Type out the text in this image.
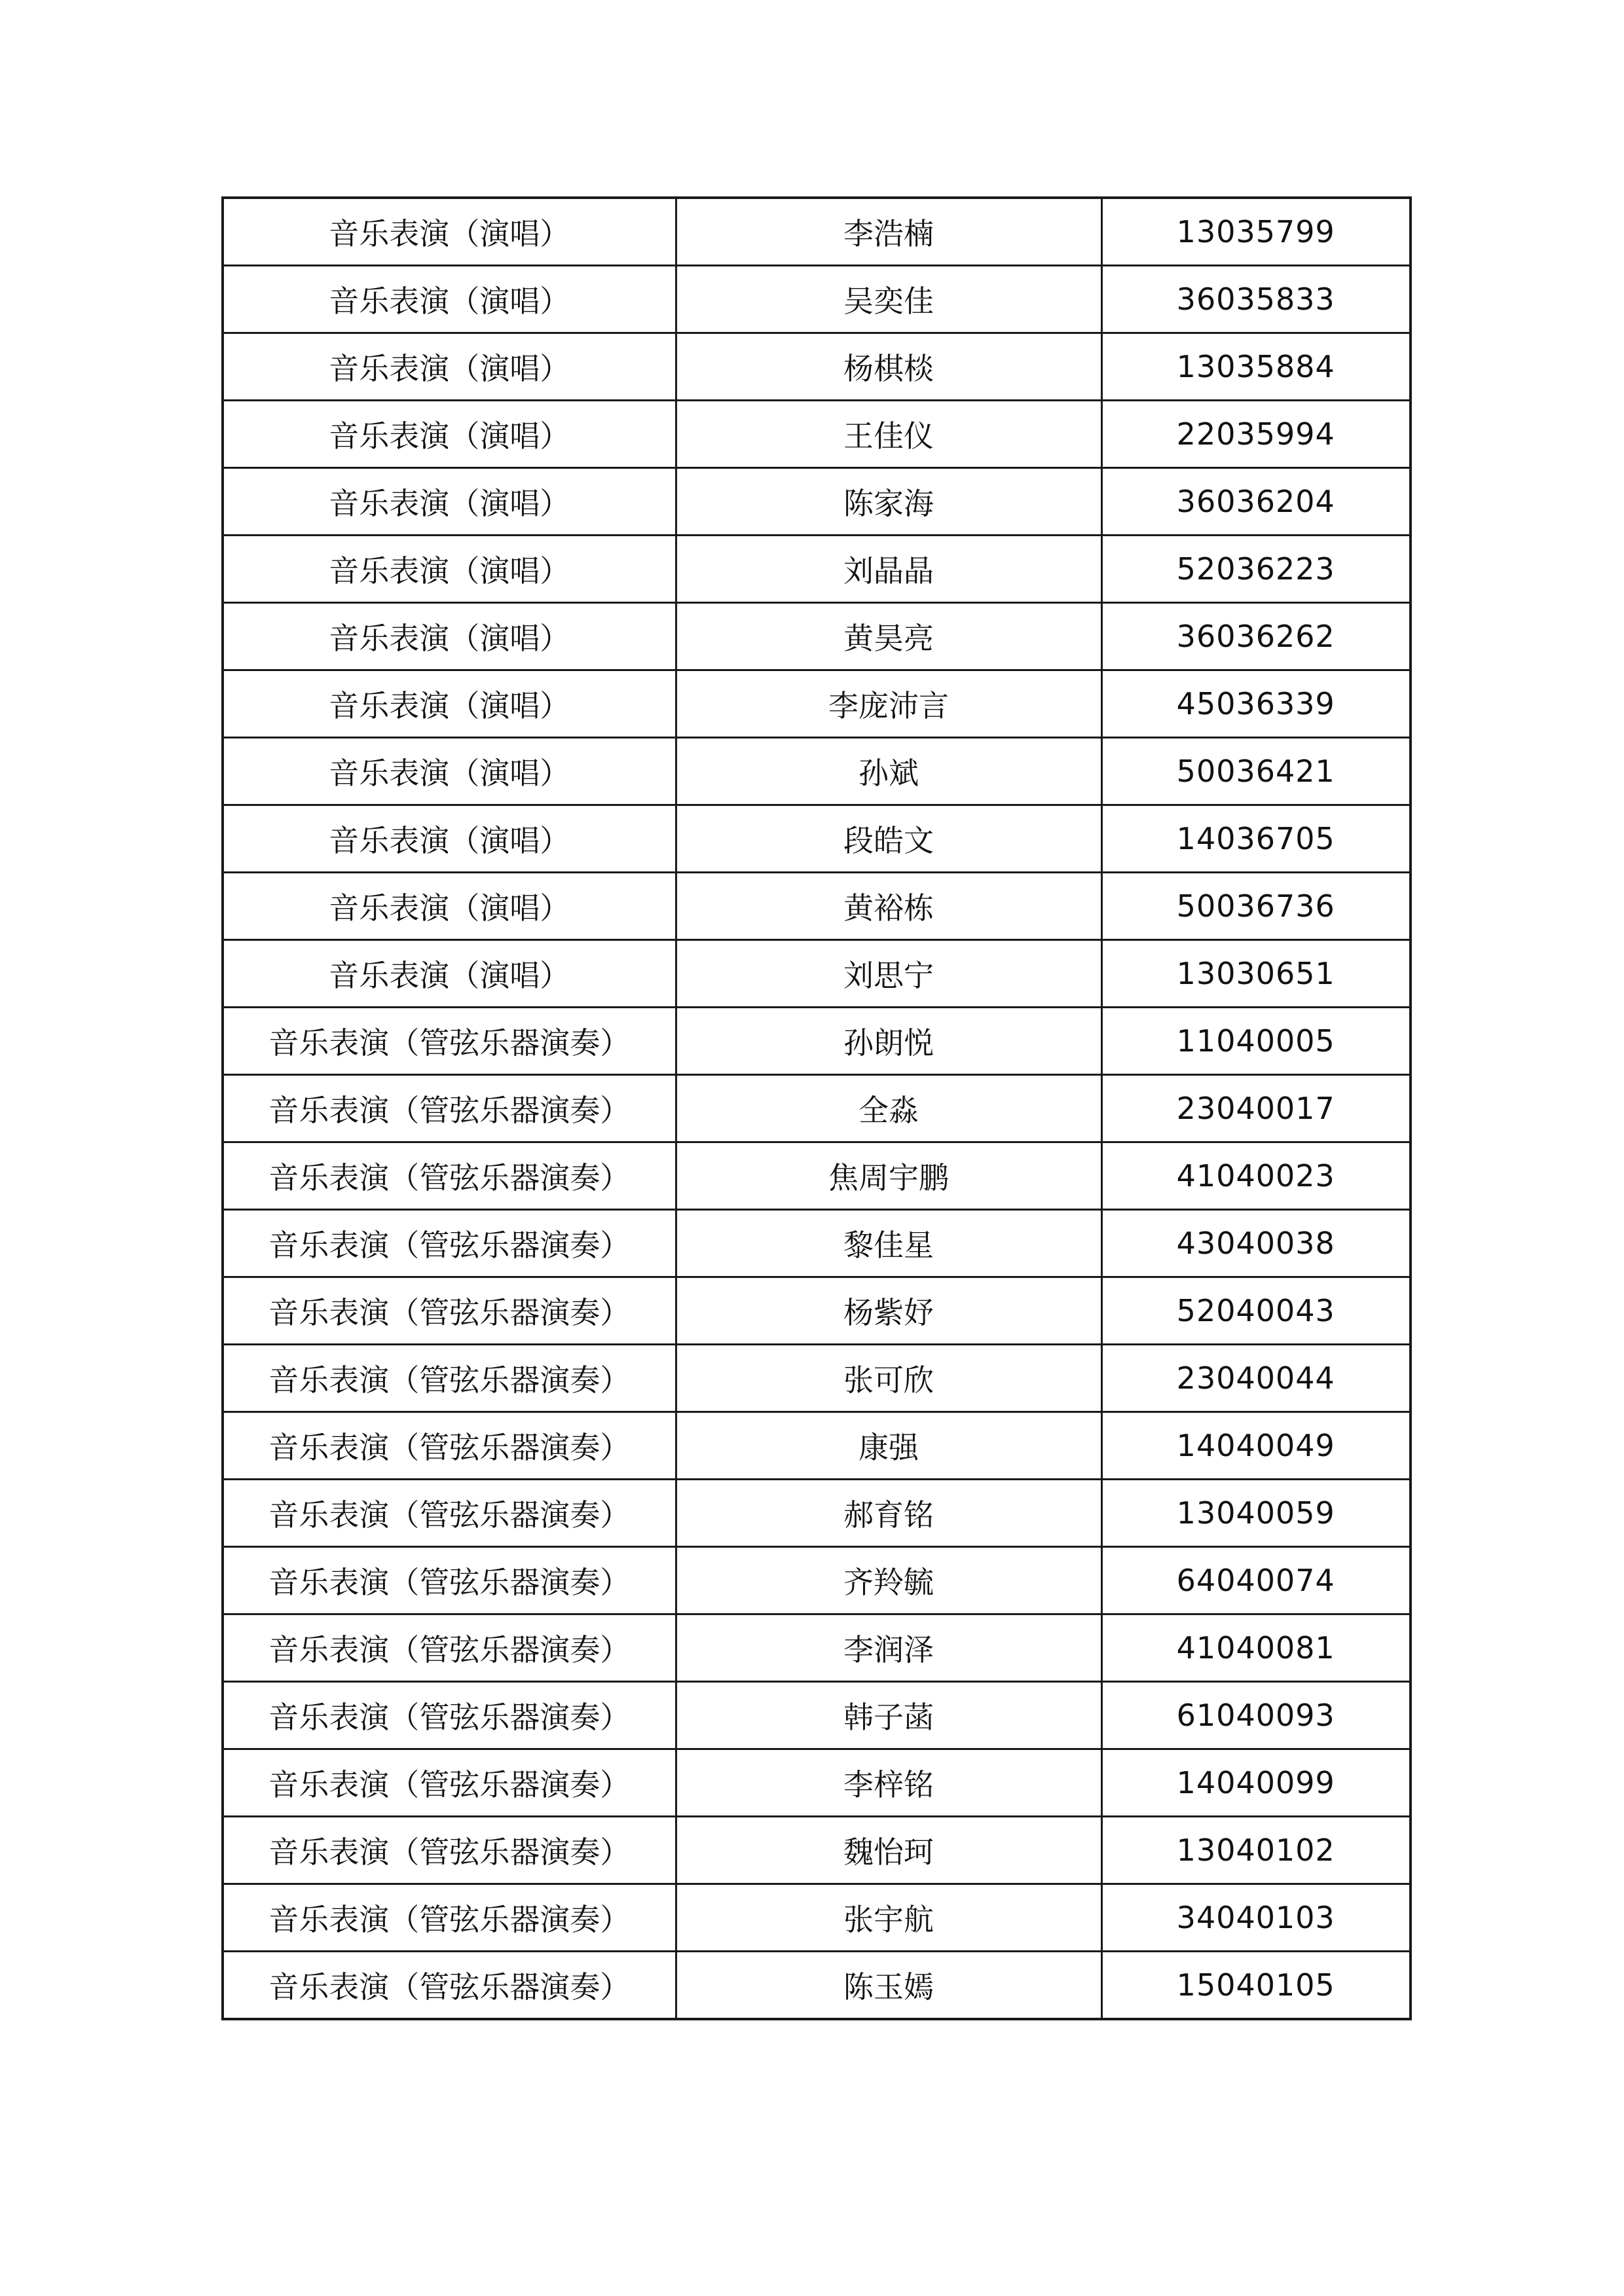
音乐表演（演唱）	李浩楠	13035799
音乐表演（演唱）	吴奕佳	36035833
音乐表演（演唱）	杨棋棪	13035884
音乐表演（演唱）	王佳仪	22035994
音乐表演（演唱）	陈家海	36036204
音乐表演（演唱）	刘晶晶	52036223
音乐表演（演唱）	黄昊亮	36036262
音乐表演（演唱）	李庞沛言	45036339
音乐表演（演唱）	孙斌	50036421
音乐表演（演唱）	段皓文	14036705
音乐表演（演唱）	黄裕栋	50036736
音乐表演（演唱）	刘思宁	13030651
音乐表演（管弦乐器演奏）	孙朗悦	11040005
音乐表演（管弦乐器演奏）	全淼	23040017
音乐表演（管弦乐器演奏）	焦周宇鹏	41040023
音乐表演（管弦乐器演奏）	黎佳星	43040038
音乐表演（管弦乐器演奏）	杨紫妤	52040043
音乐表演（管弦乐器演奏）	张可欣	23040044
音乐表演（管弦乐器演奏）	康强	14040049
音乐表演（管弦乐器演奏）	郝育铭	13040059
音乐表演（管弦乐器演奏）	齐羚毓	64040074
音乐表演（管弦乐器演奏）	李润泽	41040081
音乐表演（管弦乐器演奏）	韩子菡	61040093
音乐表演（管弦乐器演奏）	李梓铭	14040099
音乐表演（管弦乐器演奏）	魏怡珂	13040102
音乐表演（管弦乐器演奏）	张宇航	34040103
音乐表演（管弦乐器演奏）	陈玉嫣	15040105
